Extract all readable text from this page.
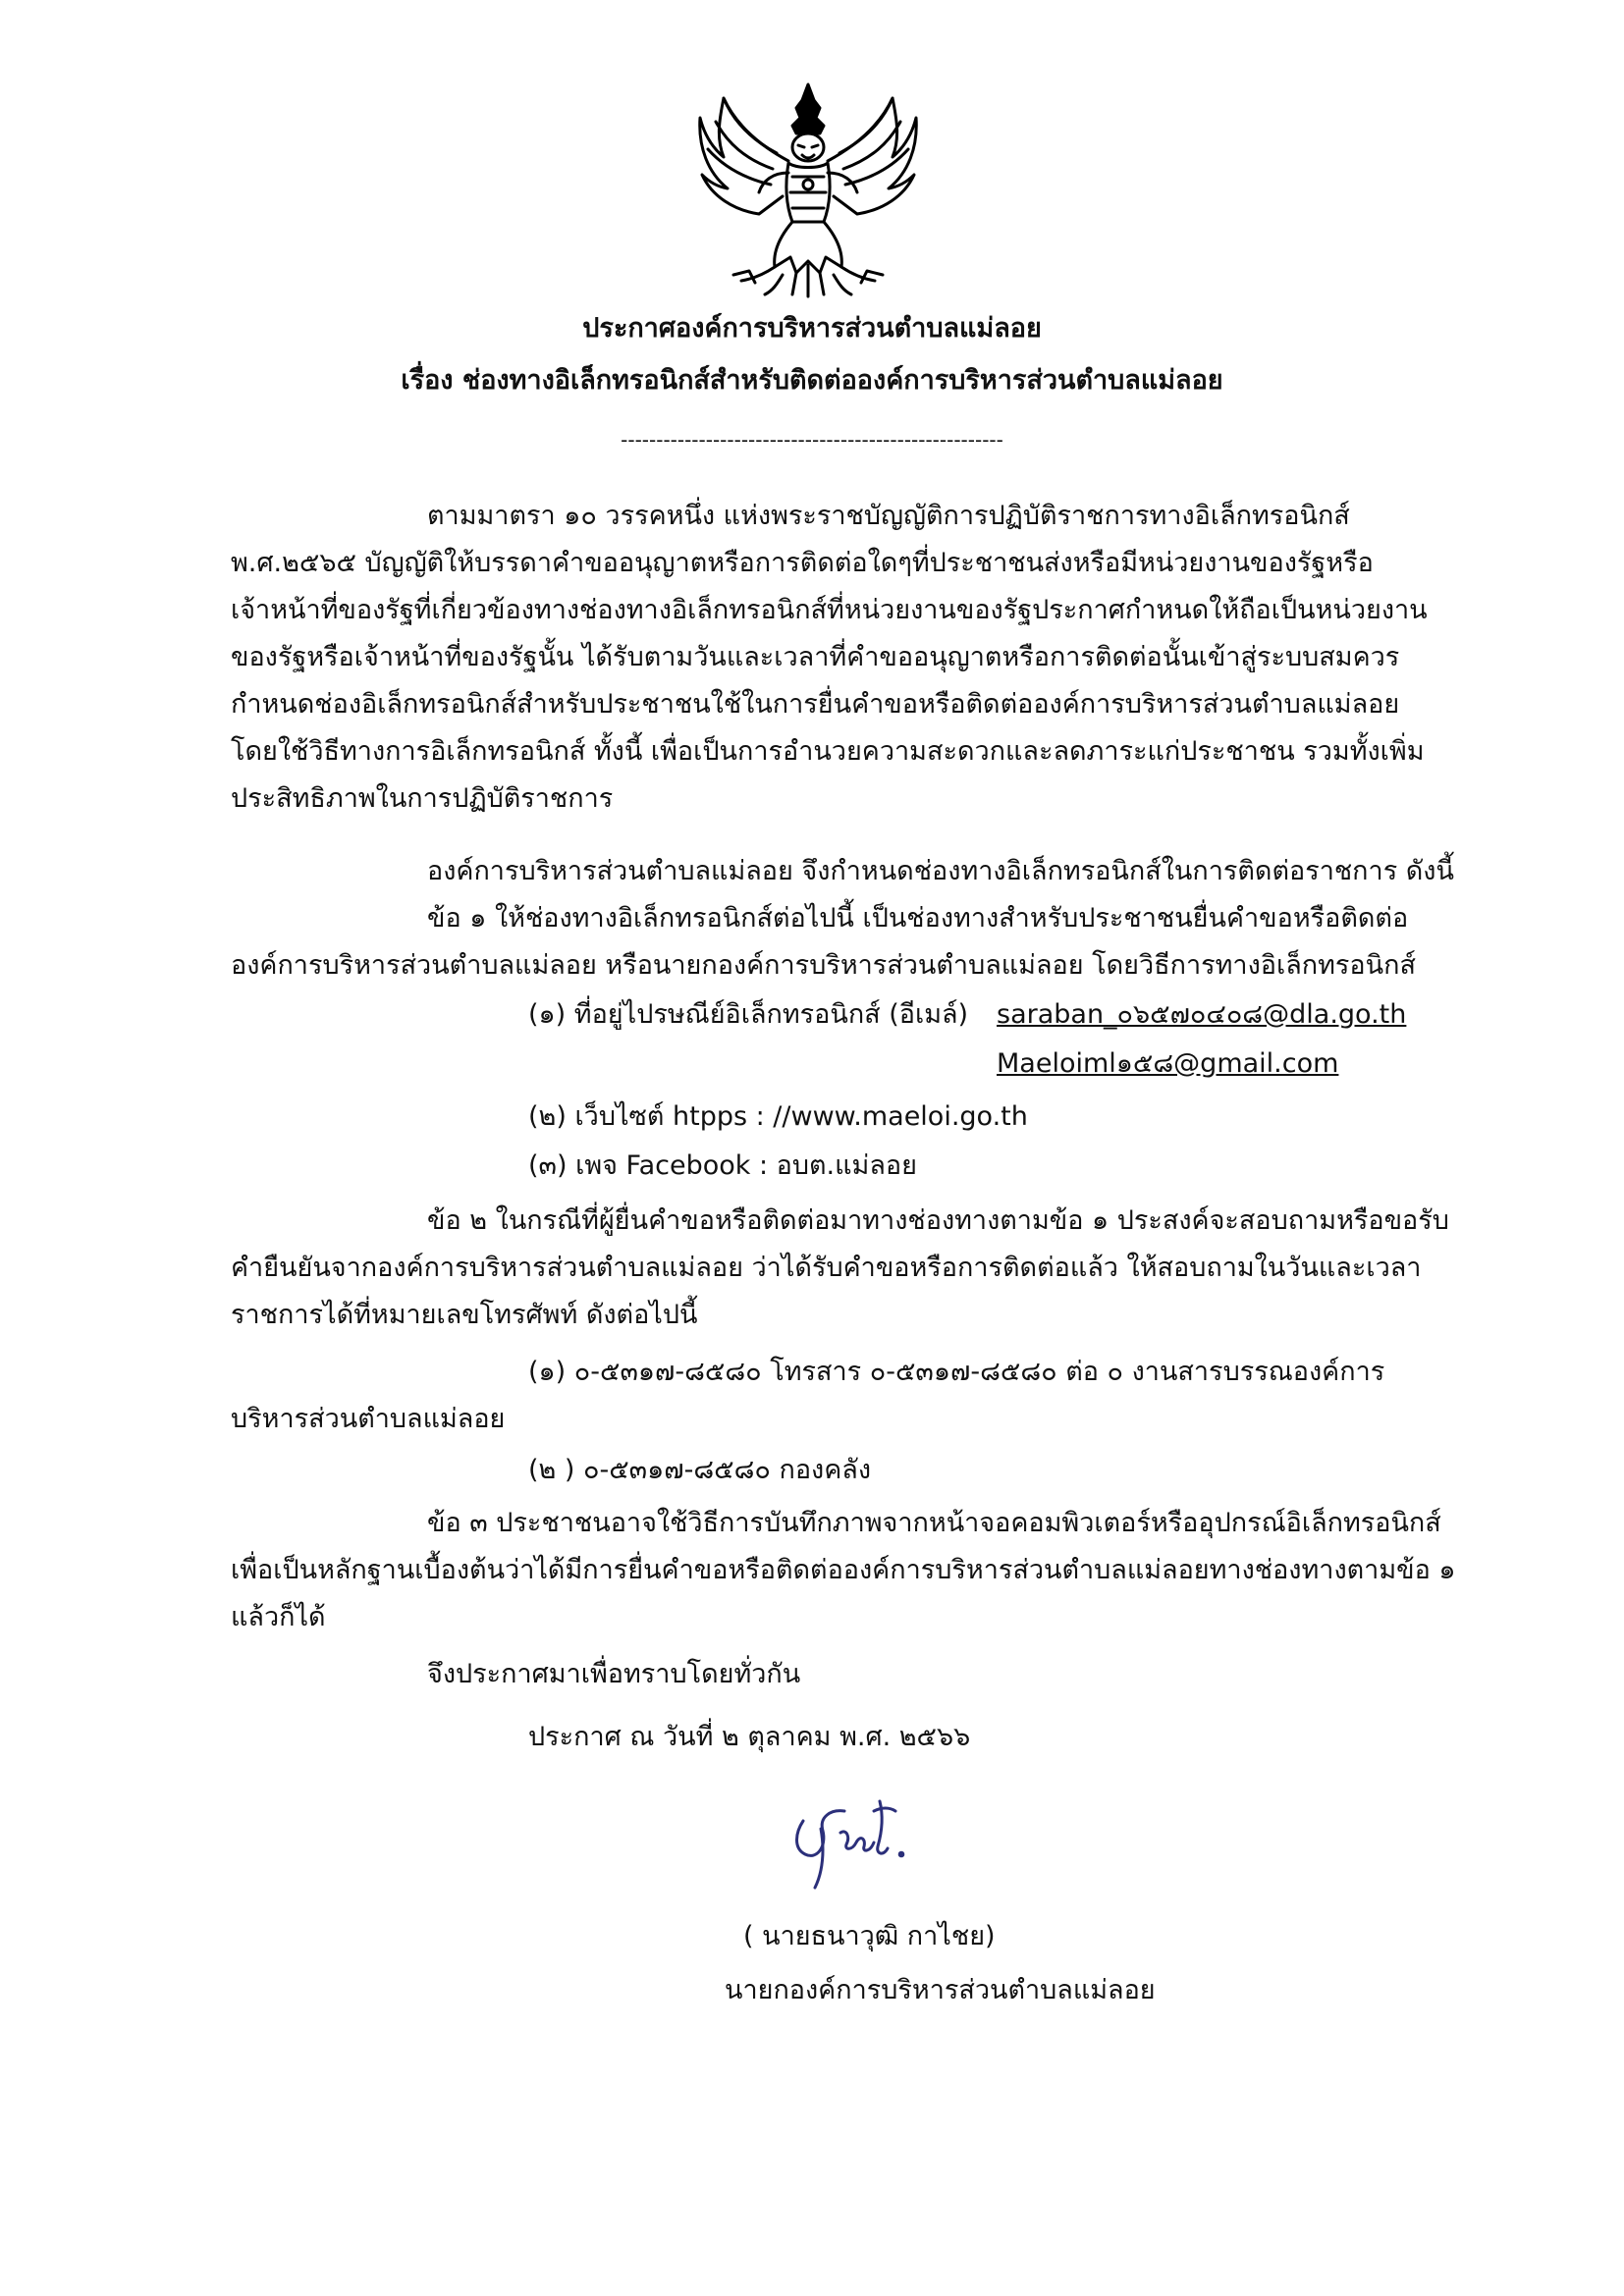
ประกาศองค์การบริหารส่วนตำบลแม่ลอย
เรื่อง ช่องทางอิเล็กทรอนิกส์สำหรับติดต่อองค์การบริหารส่วนตำบลแม่ลอย
------------------------------------------------------
ตามมาตรา ๑๐ วรรคหนึ่ง แห่งพระราชบัญญัติการปฏิบัติราชการทางอิเล็กทรอนิกส์
พ.ศ.๒๕๖๕ บัญญัติให้บรรดาคำขออนุญาตหรือการติดต่อใดๆที่ประชาชนส่งหรือมีหน่วยงานของรัฐหรือ
เจ้าหน้าที่ของรัฐที่เกี่ยวข้องทางช่องทางอิเล็กทรอนิกส์ที่หน่วยงานของรัฐประกาศกำหนดให้ถือเป็นหน่วยงาน
ของรัฐหรือเจ้าหน้าที่ของรัฐนั้น ได้รับตามวันและเวลาที่คำขออนุญาตหรือการติดต่อนั้นเข้าสู่ระบบสมควร
กำหนดช่องอิเล็กทรอนิกส์สำหรับประชาชนใช้ในการยื่นคำขอหรือติดต่อองค์การบริหารส่วนตำบลแม่ลอย
โดยใช้วิธีทางการอิเล็กทรอนิกส์ ทั้งนี้ เพื่อเป็นการอำนวยความสะดวกและลดภาระแก่ประชาชน รวมทั้งเพิ่ม
ประสิทธิภาพในการปฏิบัติราชการ
องค์การบริหารส่วนตำบลแม่ลอย จึงกำหนดช่องทางอิเล็กทรอนิกส์ในการติดต่อราชการ ดังนี้
ข้อ ๑ ให้ช่องทางอิเล็กทรอนิกส์ต่อไปนี้ เป็นช่องทางสำหรับประชาชนยื่นคำขอหรือติดต่อ
องค์การบริหารส่วนตำบลแม่ลอย หรือนายกองค์การบริหารส่วนตำบลแม่ลอย โดยวิธีการทางอิเล็กทรอนิกส์
(๑) ที่อยู่ไปรษณีย์อิเล็กทรอนิกส์ (อีเมล์) saraban_๐๖๕๗๐๔๐๘@dla.go.th
Maeloiml๑๕๘@gmail.com
(๒) เว็บไซต์ htpps : //www.maeloi.go.th
(๓) เพจ Facebook : อบต.แม่ลอย
ข้อ ๒ ในกรณีที่ผู้ยื่นคำขอหรือติดต่อมาทางช่องทางตามข้อ ๑ ประสงค์จะสอบถามหรือขอรับ
คำยืนยันจากองค์การบริหารส่วนตำบลแม่ลอย ว่าได้รับคำขอหรือการติดต่อแล้ว ให้สอบถามในวันและเวลา
ราชการได้ที่หมายเลขโทรศัพท์ ดังต่อไปนี้
(๑) ๐-๕๓๑๗-๘๕๘๐ โทรสาร ๐-๕๓๑๗-๘๕๘๐ ต่อ ๐ งานสารบรรณองค์การ
บริหารส่วนตำบลแม่ลอย
(๒ ) ๐-๕๓๑๗-๘๕๘๐ กองคลัง
ข้อ ๓ ประชาชนอาจใช้วิธีการบันทึกภาพจากหน้าจอคอมพิวเตอร์หรืออุปกรณ์อิเล็กทรอนิกส์
เพื่อเป็นหลักฐานเบื้องต้นว่าได้มีการยื่นคำขอหรือติดต่อองค์การบริหารส่วนตำบลแม่ลอยทางช่องทางตามข้อ ๑
แล้วก็ได้
จึงประกาศมาเพื่อทราบโดยทั่วกัน
ประกาศ ณ วันที่ ๒ ตุลาคม พ.ศ. ๒๕๖๖
( นายธนาวุฒิ กาไชย)
นายกองค์การบริหารส่วนตำบลแม่ลอย
